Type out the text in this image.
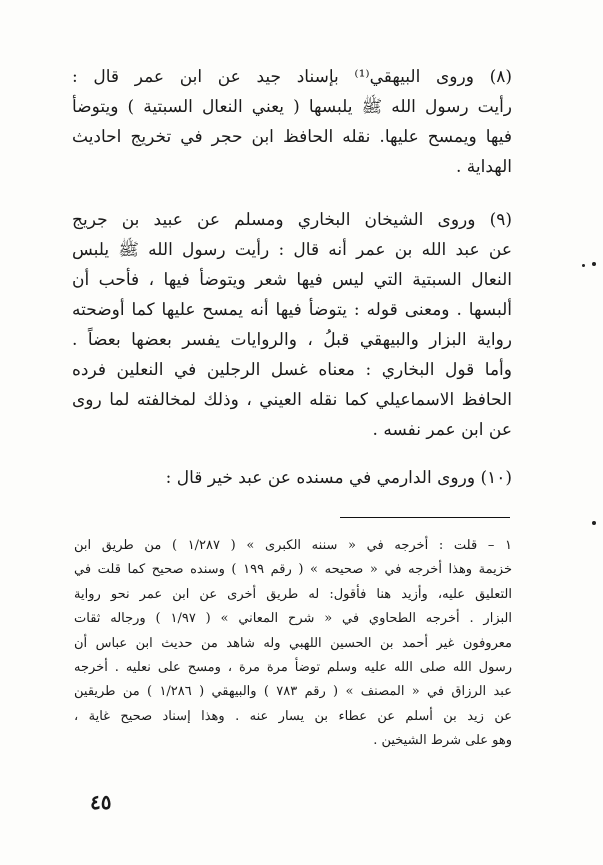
(٨) وروى البيهقي⁽¹⁾ بإسناد جيد عن ابن عمر قال :
رأيت رسول الله ﷺ يلبسها ( يعني النعال السبتية ) ويتوضأ
فيها ويمسح عليها. نقله الحافظ ابن حجر في تخريج احاديث
الهداية .
(٩) وروى الشيخان البخاري ومسلم عن عبيد بن جريج
عن عبد الله بن عمر أنه قال : رأيت رسول الله ﷺ يلبس
النعال السبتية التي ليس فيها شعر ويتوضأ فيها ، فأحب أن
ألبسها . ومعنى قوله : يتوضأ فيها أنه يمسح عليها كما أوضحته
رواية البزار والبيهقي قبلُ ، والروايات يفسر بعضها بعضاً .
وأما قول البخاري : معناه غسل الرجلين في النعلين فرده
الحافظ الاسماعيلي كما نقله العيني ، وذلك لمخالفته لما روى
عن ابن عمر نفسه .
(١٠) وروى الدارمي في مسنده عن عبد خير قال :
١ – قلت : أخرجه في « سننه الكبرى » ( ١/٢٨٧ ) من طريق ابن
خزيمة وهذا أخرجه في « صحيحه » ( رقم ١٩٩ ) وسنده صحيح كما قلت في
التعليق عليه، وأزيد هنا فأقول: له طريق أخرى عن ابن عمر نحو رواية
البزار . أخرجه الطحاوي في « شرح المعاني » ( ١/٩٧ ) ورجاله ثقات
معروفون غير أحمد بن الحسين اللهبي وله شاهد من حديث ابن عباس أن
رسول الله صلى الله عليه وسلم توضأ مرة مرة ، ومسح على نعليه . أخرجه
عبد الرزاق في « المصنف » ( رقم ٧٨٣ ) والبيهقي ( ١/٢٨٦ ) من طريقين
عن زيد بن أسلم عن عطاء بن يسار عنه . وهذا إسناد صحيح غاية ،
وهو على شرط الشيخين .
٤٥
